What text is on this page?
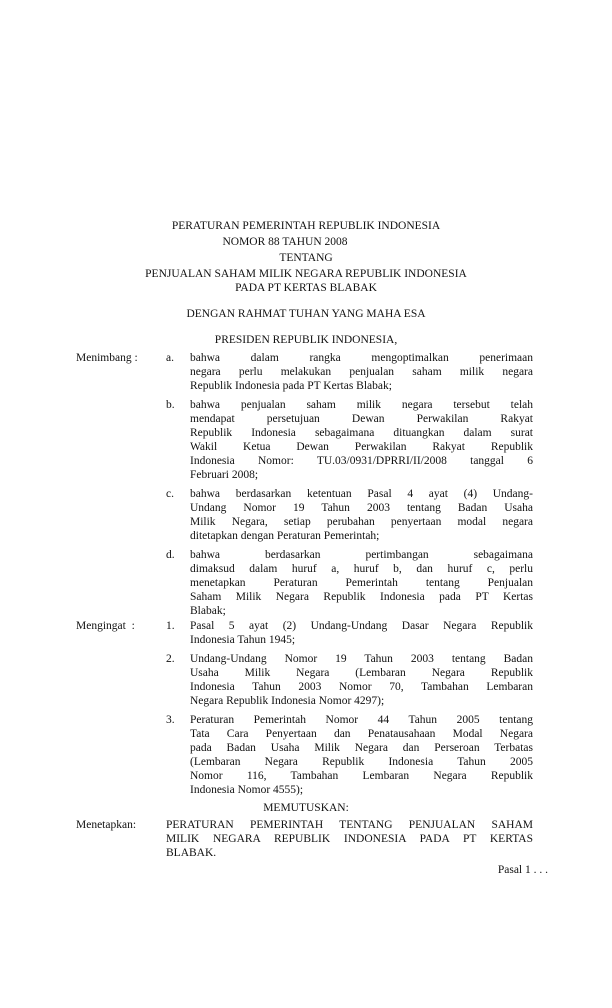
PERATURAN PEMERINTAH REPUBLIK INDONESIA
NOMOR 88 TAHUN 2008
TENTANG
PENJUALAN SAHAM MILIK NEGARA REPUBLIK INDONESIA
PADA PT KERTAS BLABAK
DENGAN RAHMAT TUHAN YANG MAHA ESA
PRESIDEN REPUBLIK INDONESIA,
Menimbang : a. bahwa dalam rangka mengoptimalkan penerimaan
negara perlu melakukan penjualan saham milik negara
Republik Indonesia pada PT Kertas Blabak;
b. bahwa penjualan saham milik negara tersebut telah
mendapat persetujuan Dewan Perwakilan Rakyat
Republik Indonesia sebagaimana dituangkan dalam surat
Wakil Ketua Dewan Perwakilan Rakyat Republik
Indonesia Nomor: TU.03/0931/DPRRI/II/2008 tanggal 6
Februari 2008;
c. bahwa berdasarkan ketentuan Pasal 4 ayat (4) Undang-
Undang Nomor 19 Tahun 2003 tentang Badan Usaha
Milik Negara, setiap perubahan penyertaan modal negara
ditetapkan dengan Peraturan Pemerintah;
d. bahwa berdasarkan pertimbangan sebagaimana
dimaksud dalam huruf a, huruf b, dan huruf c, perlu
menetapkan Peraturan Pemerintah tentang Penjualan
Saham Milik Negara Republik Indonesia pada PT Kertas
Blabak;
Mengingat  :	1. Pasal 5 ayat (2) Undang-Undang Dasar Negara Republik
Indonesia Tahun 1945;
2. Undang-Undang Nomor 19 Tahun 2003 tentang Badan
Usaha Milik Negara (Lembaran Negara Republik
Indonesia Tahun 2003 Nomor 70, Tambahan Lembaran
Negara Republik Indonesia Nomor 4297);
3. Peraturan Pemerintah Nomor 44 Tahun 2005 tentang
Tata Cara Penyertaan dan Penatausahaan Modal Negara
pada Badan Usaha Milik Negara dan Perseroan Terbatas
(Lembaran Negara Republik Indonesia Tahun 2005
Nomor 116, Tambahan Lembaran Negara Republik
Indonesia Nomor 4555);
MEMUTUSKAN:
Menetapkan:	PERATURAN PEMERINTAH TENTANG PENJUALAN SAHAM
MILIK NEGARA REPUBLIK INDONESIA PADA PT KERTAS
BLABAK.
Pasal 1 . . .
